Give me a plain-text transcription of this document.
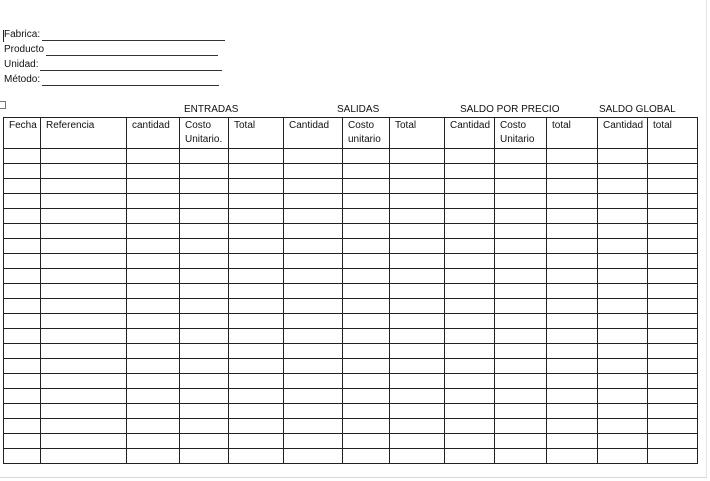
Fabrica:
Producto
Unidad:
Método:
ENTRADAS	SALIDAS	SALDO POR PRECIO	SALDO GLOBAL
Fecha	Referencia	cantidad	Costo Unitario.	Total	Cantidad	Costo unitario	Total	Cantidad	Costo Unitario	total	Cantidad	total
